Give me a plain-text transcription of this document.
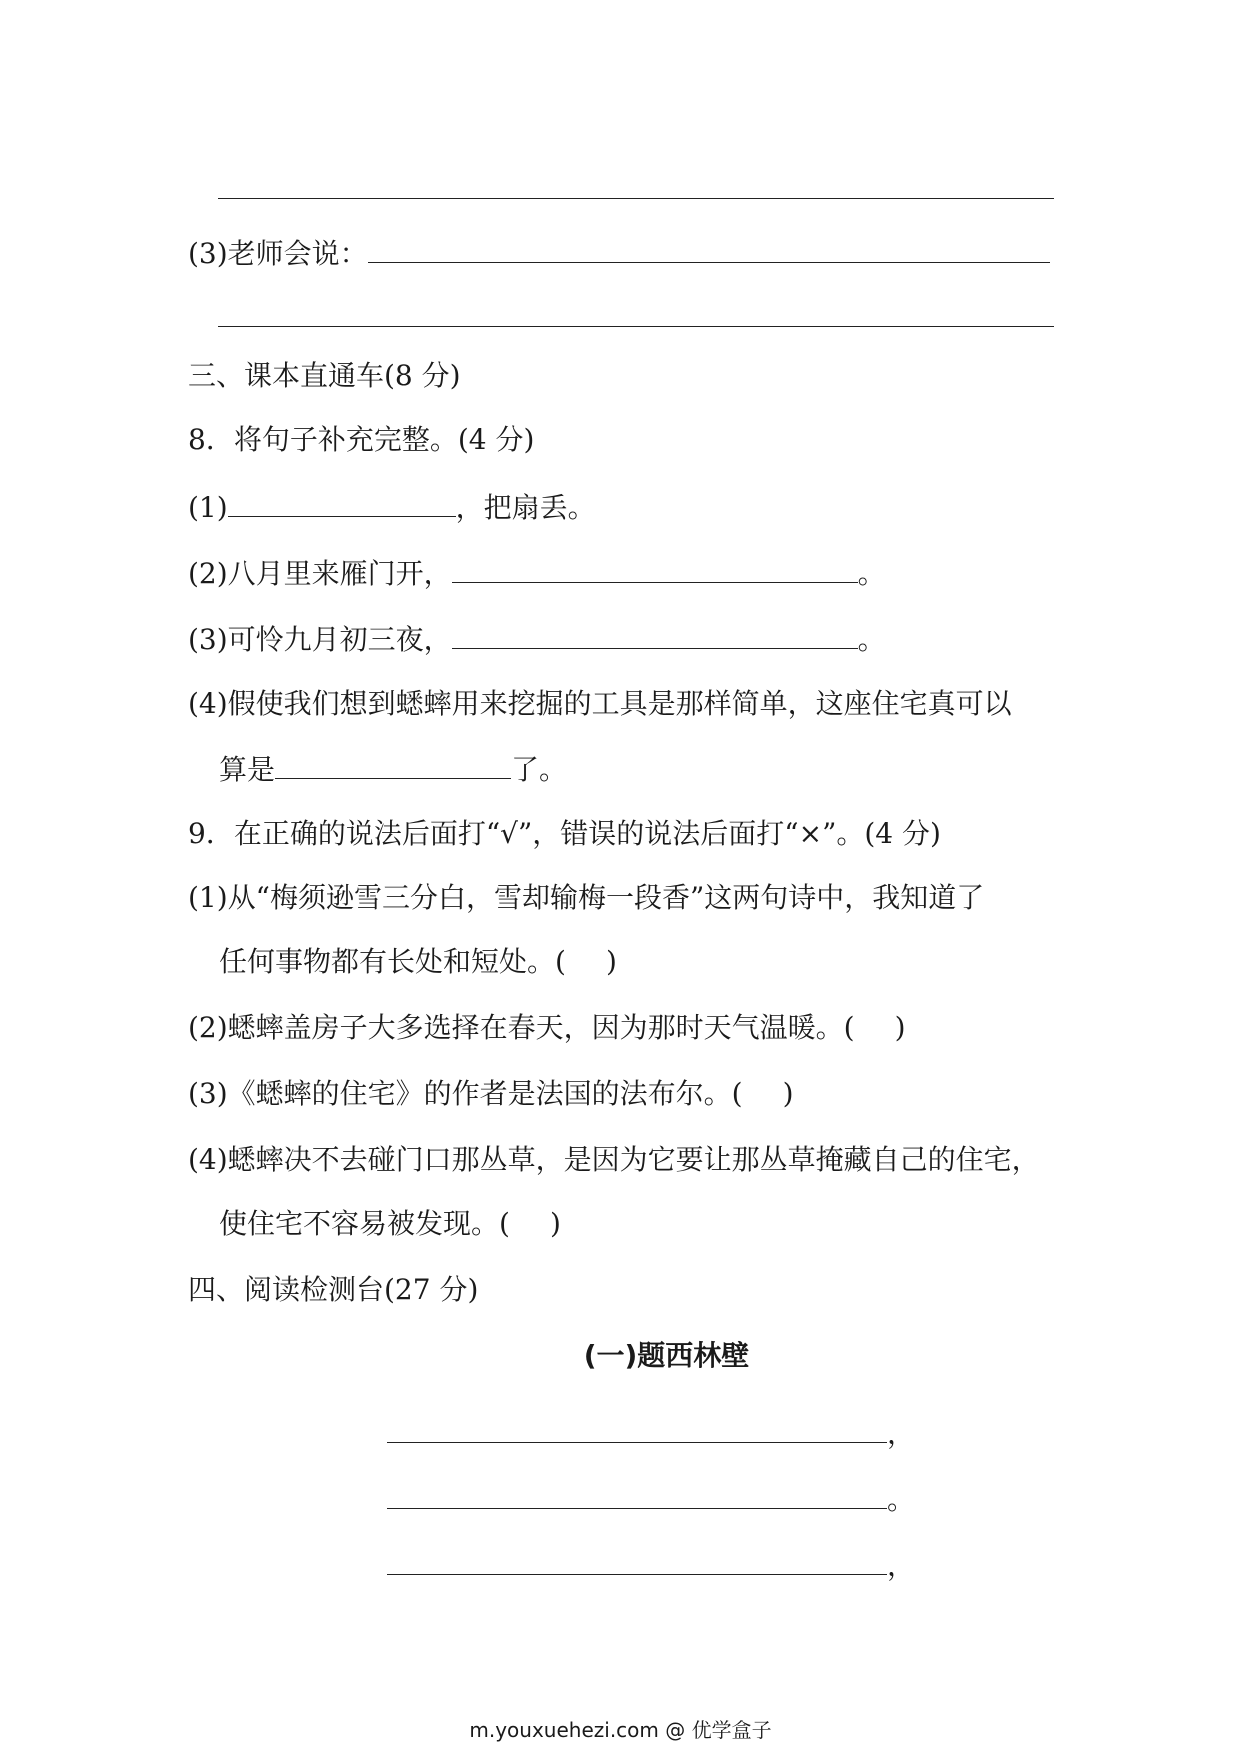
(3)老师会说：
三、课本直通车(8 分)
8．将句子补充完整。(4 分)
(1)	，把扇丢。
(2)八月里来雁门开，	。
(3)可怜九月初三夜，	。
(4)假使我们想到蟋蟀用来挖掘的工具是那样简单，这座住宅真可以
算是	了。
9．在正确的说法后面打“√”，错误的说法后面打“×”。(4 分)
(1)从“梅须逊雪三分白，雪却输梅一段香”这两句诗中，我知道了
任何事物都有长处和短处。( )
(2)蟋蟀盖房子大多选择在春天，因为那时天气温暖。( )
(3)《蟋蟀的住宅》的作者是法国的法布尔。( )
(4)蟋蟀决不去碰门口那丛草，是因为它要让那丛草掩藏自己的住宅，
使住宅不容易被发现。( )
四、阅读检测台(27 分)
(一)题西林壁
，
。
，
m.youxuehezi.com @ 优学盒子
